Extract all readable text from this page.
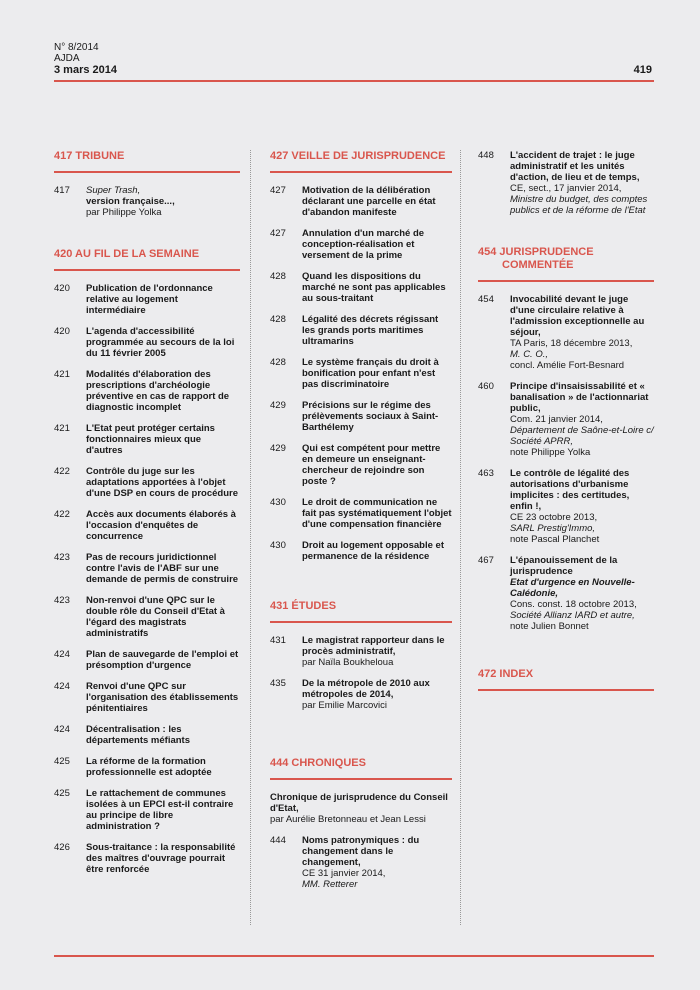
N° 8/2014
AJDA
3 mars 2014	419
417 TRIBUNE
417	Super Trash,
version française...,
par Philippe Yolka
420 AU FIL DE LA SEMAINE
420	Publication de l'ordonnance relative au logement intermédiaire
420	L'agenda d'accessibilité programmée au secours de la loi du 11 février 2005
421	Modalités d'élaboration des prescriptions d'archéologie préventive en cas de rapport de diagnostic incomplet
421	L'Etat peut protéger certains fonctionnaires mieux que d'autres
422	Contrôle du juge sur les adaptations apportées à l'objet d'une DSP en cours de procédure
422	Accès aux documents élaborés à l'occasion d'enquêtes de concurrence
423	Pas de recours juridictionnel contre l'avis de l'ABF sur une demande de permis de construire
423	Non-renvoi d'une QPC sur le double rôle du Conseil d'Etat à l'égard des magistrats administratifs
424	Plan de sauvegarde de l'emploi et présomption d'urgence
424	Renvoi d'une QPC sur l'organisation des établissements pénitentiaires
424	Décentralisation : les départements méfiants
425	La réforme de la formation professionnelle est adoptée
425	Le rattachement de communes isolées à un EPCI est-il contraire au principe de libre administration ?
426	Sous-traitance : la responsabilité des maîtres d'ouvrage pourrait être renforcée
427 VEILLE DE JURISPRUDENCE
427	Motivation de la délibération déclarant une parcelle en état d'abandon manifeste
427	Annulation d'un marché de conception-réalisation et versement de la prime
428	Quand les dispositions du marché ne sont pas applicables au sous-traitant
428	Légalité des décrets régissant les grands ports maritimes ultramarins
428	Le système français du droit à bonification pour enfant n'est pas discriminatoire
429	Précisions sur le régime des prélèvements sociaux à Saint-Barthélemy
429	Qui est compétent pour mettre en demeure un enseignant-chercheur de rejoindre son poste ?
430	Le droit de communication ne fait pas systématiquement l'objet d'une compensation financière
430	Droit au logement opposable et permanence de la résidence
431 ÉTUDES
431	Le magistrat rapporteur dans le procès administratif,
par Naïla Boukheloua
435	De la métropole de 2010 aux métropoles de 2014,
par Emilie Marcovici
444 CHRONIQUES
Chronique de jurisprudence du Conseil d'Etat,
par Aurélie Bretonneau et Jean Lessi
444	Noms patronymiques : du changement dans le changement,
CE 31 janvier 2014,
MM. Retterer
448	L'accident de trajet : le juge administratif et les unités d'action, de lieu et de temps,
CE, sect., 17 janvier 2014,
Ministre du budget, des comptes publics et de la réforme de l'Etat
454 JURISPRUDENCE
COMMENTÉE
454	Invocabilité devant le juge d'une circulaire relative à l'admission exceptionnelle au séjour,
TA Paris, 18 décembre 2013,
M. C. O.,
concl. Amélie Fort-Besnard
460	Principe d'insaisissabilité et « banalisation » de l'actionnariat public,
Com. 21 janvier 2014,
Département de Saône-et-Loire c/ Société APRR,
note Philippe Yolka
463	Le contrôle de légalité des autorisations d'urbanisme implicites : des certitudes, enfin !,
CE 23 octobre 2013,
SARL Prestig'Immo,
note Pascal Planchet
467	L'épanouissement de la jurisprudence
Etat d'urgence en Nouvelle-Calédonie,
Cons. const. 18 octobre 2013,
Société Allianz IARD et autre,
note Julien Bonnet
472 INDEX
